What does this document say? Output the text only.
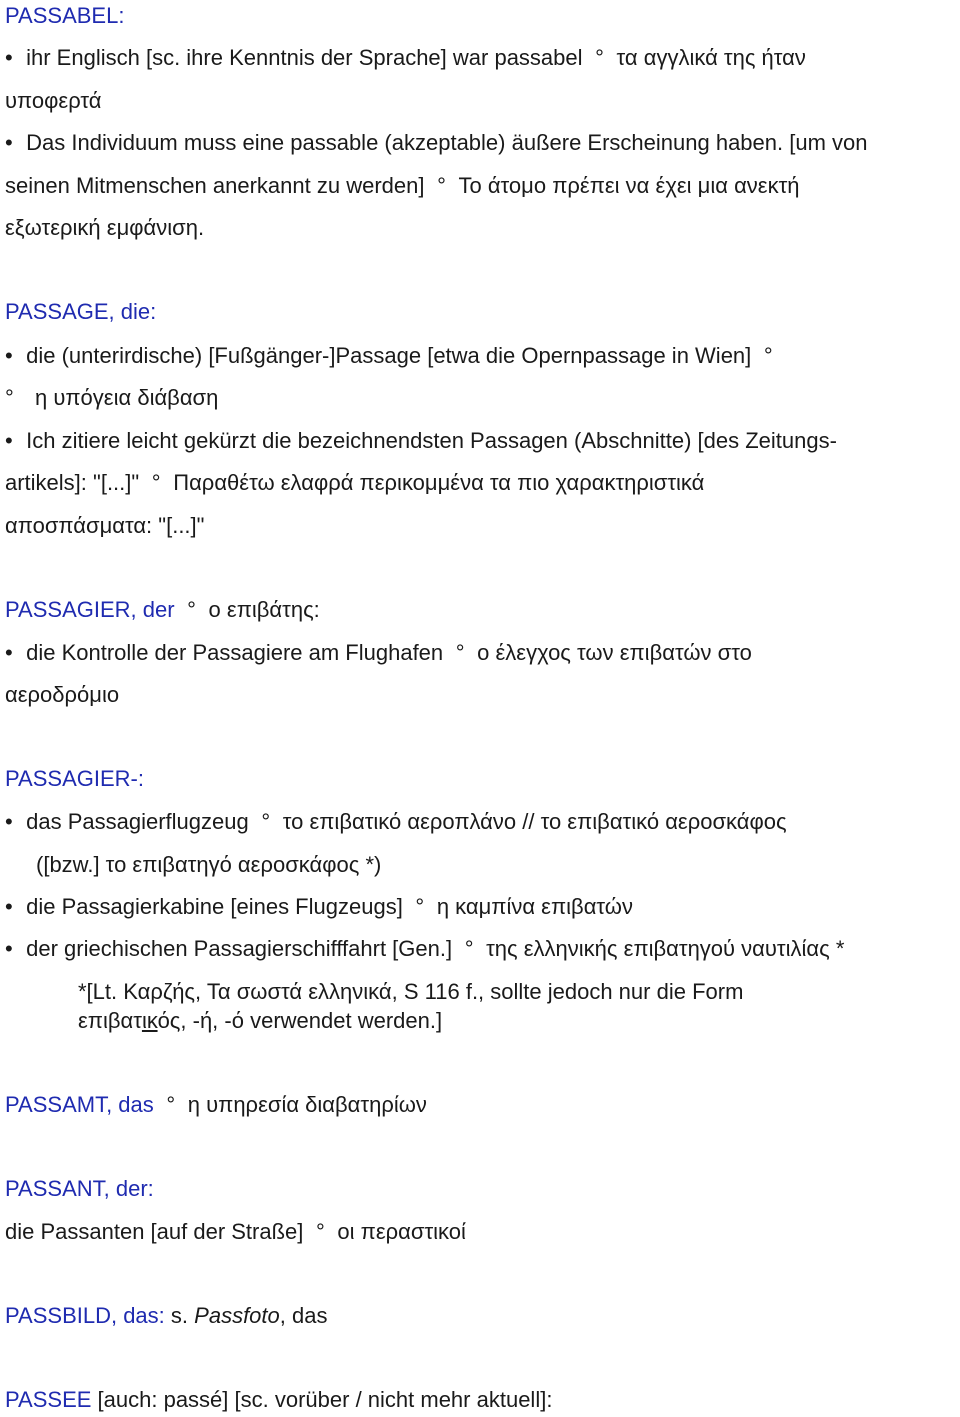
PASSABEL:
• ihr Englisch [sc. ihre Kenntnis der Sprache] war passabel ° τα αγγλικά της ήταν
υποφερτά
• Das Individuum muss eine passable (akzeptable) äußere Erscheinung haben. [um von
seinen Mitmenschen anerkannt zu werden] ° Το άτομο πρέπει να έχει μια ανεκτή
εξωτερική εμφάνιση.
PASSAGE, die:
• die (unterirdische) [Fußgänger-]Passage [etwa die Opernpassage in Wien]°
°η υπόγεια διάβαση
• Ich zitiere leicht gekürzt die bezeichnendsten Passagen (Abschnitte) [des Zeitungs-
artikels]: "[...]" ° Παραθέτω ελαφρά περικομμένα τα πιο χαρακτηριστικά
αποσπάσματα: "[...]"
PASSAGIER, der ° ο επιβάτης:
• die Kontrolle der Passagiere am Flughafen ° ο έλεγχος των επιβατών στο
αεροδρόμιο
PASSAGIER-:
• das Passagierflugzeug ° το επιβατικό αεροπλάνο // το επιβατικό αεροσκάφος
([bzw.] το επιβατηγό αεροσκάφος *)
• die Passagierkabine [eines Flugzeugs] ° η καμπίνα επιβατών
• der griechischen Passagierschifffahrt [Gen.] ° της ελληνικής επιβατηγού ναυτιλίας *
*[Lt. Καρζής, Τα σωστά ελληνικά, S 116 f., sollte jedoch nur die Form
επιβατικός, -ή, -ό verwendet werden.]
PASSAMT, das ° η υπηρεσία διαβατηρίων
PASSANT, der:
die Passanten [auf der Straße] ° οι περαστικοί
PASSBILD, das: s. Passfoto, das
PASSEE [auch: passé] [sc. vorüber / nicht mehr aktuell]:
